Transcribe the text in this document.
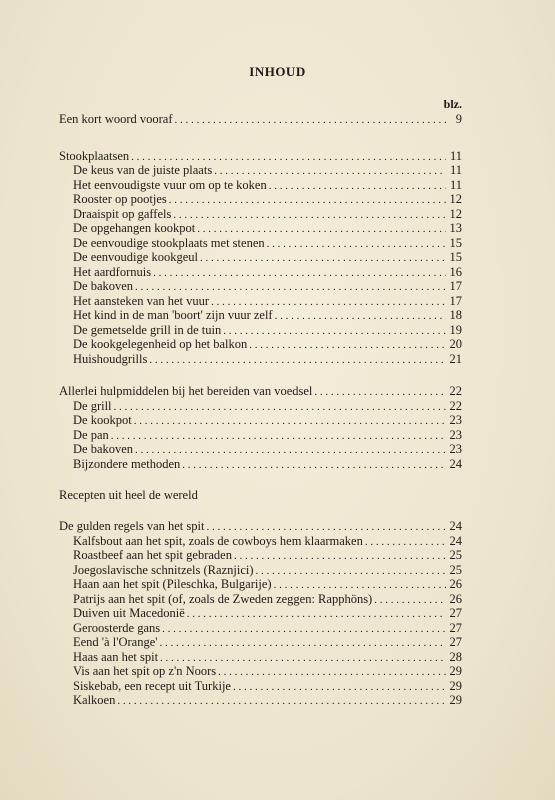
INHOUD
blz.
Recepten uit heel de wereld
Een kort woord vooraf . . .	9
Stookplaatsen . . .	11
De keus van de juiste plaats . . .	11
Het eenvoudigste vuur om op te koken . . .	11
Rooster op pootjes . . .	12
Draaispit op gaffels . . .	12
De opgehangen kookpot . . .	13
De eenvoudige stookplaats met stenen . . .	15
De eenvoudige kookgeul . . .	15
Het aardfornuis . . .	16
De bakoven . . .	17
Het aansteken van het vuur . . .	17
Het kind in de man 'boort' zijn vuur zelf . . .	18
De gemetselde grill in de tuin . . .	19
De kookgelegenheid op het balkon . . .	20
Huishoudgrills . . .	21
Allerlei hulpmiddelen bij het bereiden van voedsel . . .	22
De grill . . .	22
De kookpot . . .	23
De pan . . .	23
De bakoven . . .	23
Bijzondere methoden . . .	24
De gulden regels van het spit . . .	24
Kalfsbout aan het spit, zoals de cowboys hem klaarmaken . . .	24
Roastbeef aan het spit gebraden . . .	25
Joegoslavische schnitzels (Raznjici) . . .	25
Haan aan het spit (Pileschka, Bulgarije) . . .	26
Patrijs aan het spit (of, zoals de Zweden zeggen: Rapphöns) . . .	26
Duiven uit Macedonië . . .	27
Geroosterde gans . . .	27
Eend 'à l'Orange' . . .	27
Haas aan het spit . . .	28
Vis aan het spit op z'n Noors . . .	29
Siskebab, een recept uit Turkije . . .	29
Kalkoen . . .	29
